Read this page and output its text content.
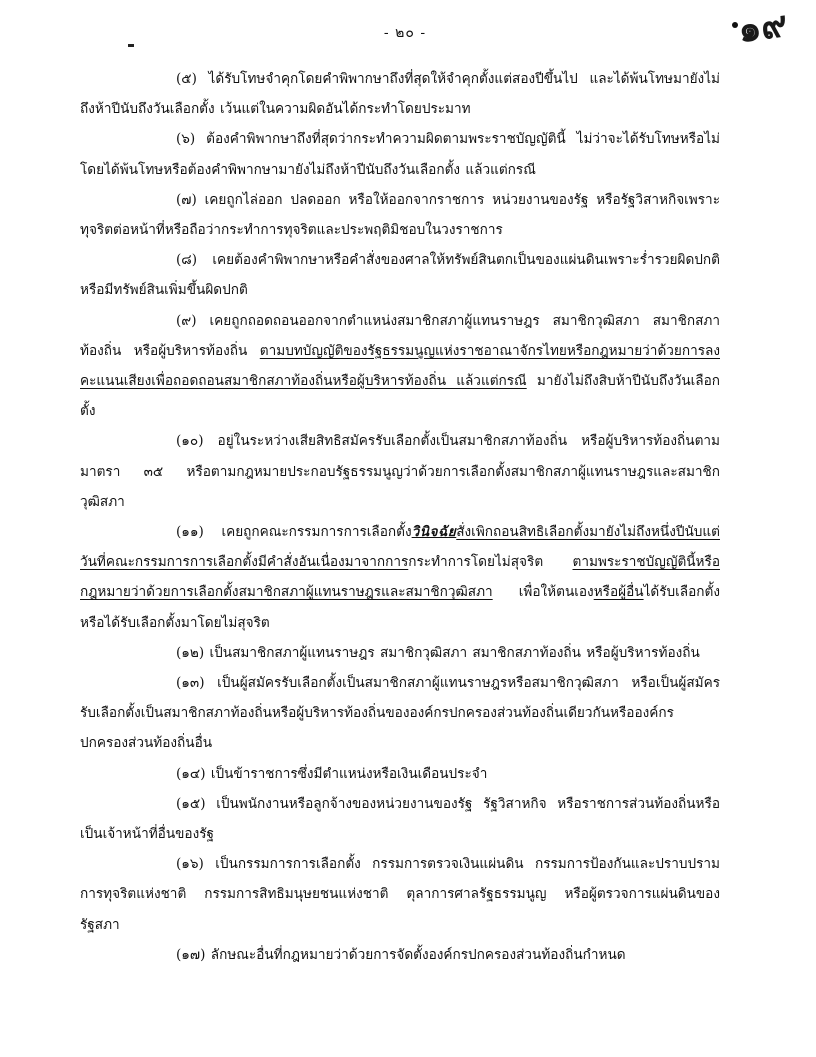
- ๒๐ -	๑๙

(๕) ได้รับโทษจำคุกโดยคำพิพากษาถึงที่สุดให้จำคุกตั้งแต่สองปีขึ้นไป และได้พ้นโทษมายังไม่ถึงห้าปีนับถึงวันเลือกตั้ง เว้นแต่ในความผิดอันได้กระทำโดยประมาท

(๖) ต้องคำพิพากษาถึงที่สุดว่ากระทำความผิดตามพระราชบัญญัตินี้ ไม่ว่าจะได้รับโทษหรือไม่ โดยได้พ้นโทษหรือต้องคำพิพากษามายังไม่ถึงห้าปีนับถึงวันเลือกตั้ง แล้วแต่กรณี

(๗) เคยถูกไล่ออก ปลดออก หรือให้ออกจากราชการ หน่วยงานของรัฐ หรือรัฐวิสาหกิจเพราะทุจริตต่อหน้าที่หรือถือว่ากระทำการทุจริตและประพฤติมิชอบในวงราชการ

(๘) เคยต้องคำพิพากษาหรือคำสั่งของศาลให้ทรัพย์สินตกเป็นของแผ่นดินเพราะร่ำรวยผิดปกติหรือมีทรัพย์สินเพิ่มขึ้นผิดปกติ

(๙) เคยถูกถอดถอนออกจากตำแหน่งสมาชิกสภาผู้แทนราษฎร สมาชิกวุฒิสภา สมาชิกสภาท้องถิ่น หรือผู้บริหารท้องถิ่น ตามบทบัญญัติของรัฐธรรมนูญแห่งราชอาณาจักรไทยหรือกฎหมายว่าด้วยการลงคะแนนเสียงเพื่อถอดถอนสมาชิกสภาท้องถิ่นหรือผู้บริหารท้องถิ่น แล้วแต่กรณี มายังไม่ถึงสิบห้าปีนับถึงวันเลือกตั้ง

(๑๐) อยู่ในระหว่างเสียสิทธิสมัครรับเลือกตั้งเป็นสมาชิกสภาท้องถิ่น หรือผู้บริหารท้องถิ่นตามมาตรา ๓๕ หรือตามกฎหมายประกอบรัฐธรรมนูญว่าด้วยการเลือกตั้งสมาชิกสภาผู้แทนราษฎรและสมาชิกวุฒิสภา

(๑๑) เคยถูกคณะกรรมการการเลือกตั้งวินิจฉัยสั่งเพิกถอนสิทธิเลือกตั้งมายังไม่ถึงหนึ่งปีนับแต่วันที่คณะกรรมการการเลือกตั้งมีคำสั่งอันเนื่องมาจากการกระทำการโดยไม่สุจริต ตามพระราชบัญญัตินี้หรือกฎหมายว่าด้วยการเลือกตั้งสมาชิกสภาผู้แทนราษฎรและสมาชิกวุฒิสภา เพื่อให้ตนเองหรือผู้อื่นได้รับเลือกตั้ง หรือได้รับเลือกตั้งมาโดยไม่สุจริต

(๑๒) เป็นสมาชิกสภาผู้แทนราษฎร สมาชิกวุฒิสภา สมาชิกสภาท้องถิ่น หรือผู้บริหารท้องถิ่น

(๑๓) เป็นผู้สมัครรับเลือกตั้งเป็นสมาชิกสภาผู้แทนราษฎรหรือสมาชิกวุฒิสภา หรือเป็นผู้สมัครรับเลือกตั้งเป็นสมาชิกสภาท้องถิ่นหรือผู้บริหารท้องถิ่นขององค์กรปกครองส่วนท้องถิ่นเดียวกันหรือองค์กรปกครองส่วนท้องถิ่นอื่น

(๑๔) เป็นข้าราชการซึ่งมีตำแหน่งหรือเงินเดือนประจำ

(๑๕) เป็นพนักงานหรือลูกจ้างของหน่วยงานของรัฐ รัฐวิสาหกิจ หรือราชการส่วนท้องถิ่นหรือเป็นเจ้าหน้าที่อื่นของรัฐ

(๑๖) เป็นกรรมการการเลือกตั้ง กรรมการตรวจเงินแผ่นดิน กรรมการป้องกันและปราบปรามการทุจริตแห่งชาติ กรรมการสิทธิมนุษยชนแห่งชาติ ตุลาการศาลรัฐธรรมนูญ หรือผู้ตรวจการแผ่นดินของรัฐสภา

(๑๗) ลักษณะอื่นที่กฎหมายว่าด้วยการจัดตั้งองค์กรปกครองส่วนท้องถิ่นกำหนด
